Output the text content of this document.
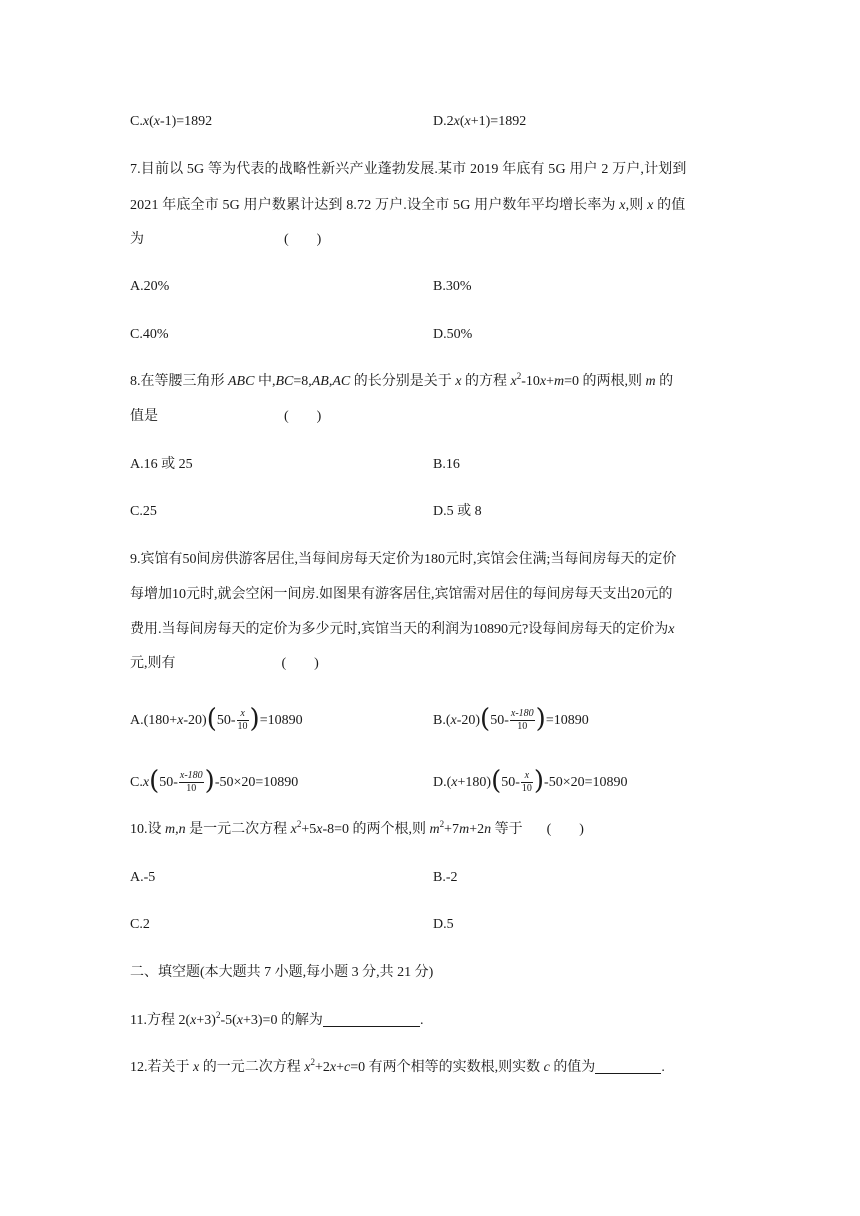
C.x(x-1)=1892	D.2x(x+1)=1892
7.目前以 5G 等为代表的战略性新兴产业蓬勃发展.某市 2019 年底有 5G 用户 2 万户,计划到
2021 年底全市 5G 用户数累计达到 8.72 万户.设全市 5G 用户数年平均增长率为 x,则 x 的值
为	(　　)
A.20%	B.30%
C.40%	D.50%
8.在等腰三角形 ABC 中,BC=8,AB,AC 的长分别是关于 x 的方程 $x^2-10x+m=0$ 的两根,则 m 的
值是	(　　)
A.16 或 25	B.16
C.25	D.5 或 8
9.宾馆有50间房供游客居住,当每间房每天定价为180元时,宾馆会住满;当每间房每天的定价
每增加10元时,就会空闲一间房.如图果有游客居住,宾馆需对居住的每间房每天支出20元的
费用.当每间房每天的定价为多少元时,宾馆当天的利润为10890元?设每间房每天的定价为x
元,则有	(　　)
A.(180+x-20) ( $50- \frac{x}{10}$ ) =10890	B.(x-20) ( $50- \frac{x-180}{10}$ ) =10890
C.x ( $50- \frac{x-180}{10}$ ) -50×20=10890	D.(x+180) ( $50- \frac{x}{10}$ ) -50×20=10890
10.设 m,n 是一元二次方程 $x^2+5x-8=0$ 的两个根,则 $m^2+7m+2n$ 等于 (　　)
A.-5	B.-2
C.2	D.5
二、填空题(本大题共 7 小题,每小题 3 分,共 21 分)
11.方程 $2(x+3)^2-5(x+3)=0$ 的解为	.
12.若关于 x 的一元二次方程 $x^2+2x+c=0$ 有两个相等的实数根,则实数 c 的值为	.
